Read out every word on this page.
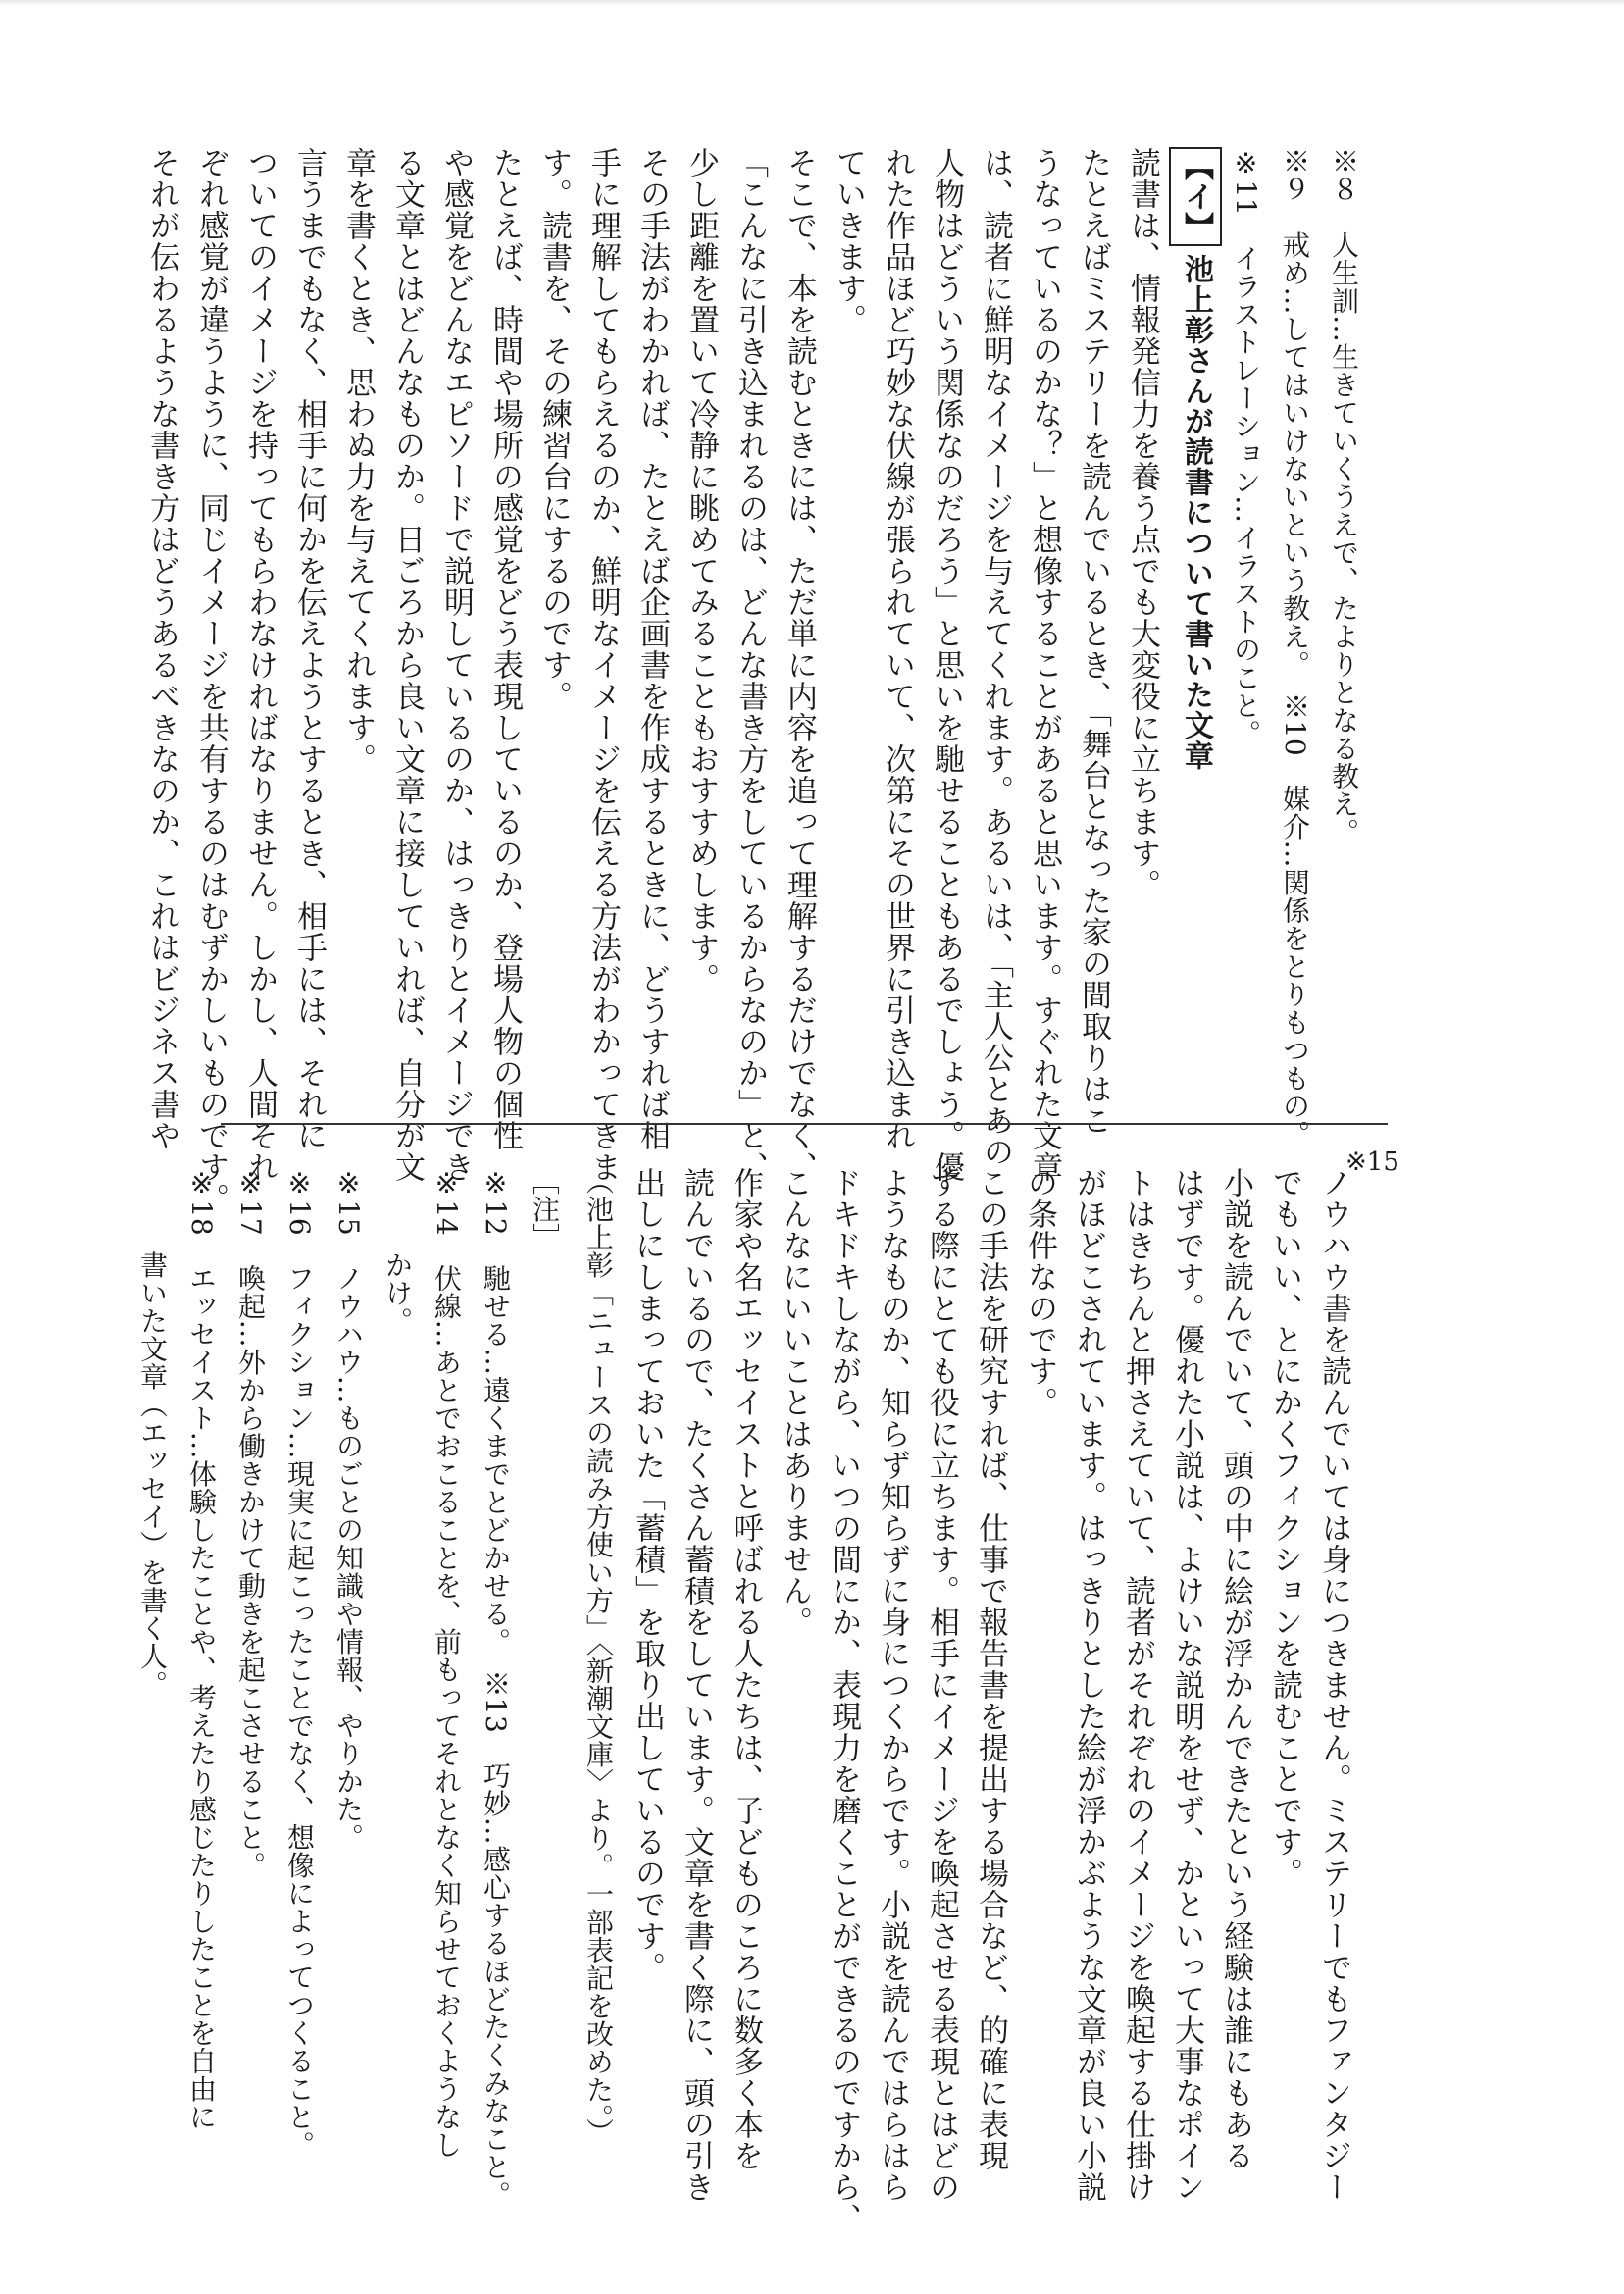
※８　人生訓…生きていくうえで、たよりとなる教え。
※９　戒め…してはいけないという教え。　※10　媒介…関係をとりもつもの。
※11　イラストレーション…イラストのこと。
【イ】池上彰さんが読書について書いた文章
読書は、情報発信力を養う点でも大変役に立ちます。
たとえばミステリーを読んでいるとき、「舞台となった家の間取りはこ
うなっているのかな？」と想像することがあると思います。すぐれた文章
は、読者に鮮明なイメージを与えてくれます。あるいは、「主人公とあの
人物はどういう関係なのだろう」と思いを馳せることもあるでしょう。優
れた作品ほど巧妙な伏線が張られていて、次第にその世界に引き込まれ
ていきます。
そこで、本を読むときには、ただ単に内容を追って理解するだけでなく、
「こんなに引き込まれるのは、どんな書き方をしているからなのか」と、
少し距離を置いて冷静に眺めてみることもおすすめします。
その手法がわかれば、たとえば企画書を作成するときに、どうすれば相
手に理解してもらえるのか、鮮明なイメージを伝える方法がわかってきま
す。読書を、その練習台にするのです。
たとえば、時間や場所の感覚をどう表現しているのか、登場人物の個性
や感覚をどんなエピソードで説明しているのか、はっきりとイメージでき
る文章とはどんなものか。日ごろから良い文章に接していれば、自分が文
章を書くとき、思わぬ力を与えてくれます。
言うまでもなく、相手に何かを伝えようとするとき、相手には、それに
ついてのイメージを持ってもらわなければなりません。しかし、人間それ
ぞれ感覚が違うように、同じイメージを共有するのはむずかしいものです。
それが伝わるような書き方はどうあるべきなのか、これはビジネス書や
※15
ノウハウ書を読んでいては身につきません。ミステリーでもファンタジー
でもいい、とにかくフィクションを読むことです。
小説を読んでいて、頭の中に絵が浮かんできたという経験は誰にもある
はずです。優れた小説は、よけいな説明をせず、かといって大事なポイン
トはきちんと押さえていて、読者がそれぞれのイメージを喚起する仕掛け
がほどこされています。はっきりとした絵が浮かぶような文章が良い小説
の条件なのです。
この手法を研究すれば、仕事で報告書を提出する場合など、的確に表現
する際にとても役に立ちます。相手にイメージを喚起させる表現とはどの
ようなものか、知らず知らずに身につくからです。小説を読んではらはら
ドキドキしながら、いつの間にか、表現力を磨くことができるのですから、
こんなにいいことはありません。
作家や名エッセイストと呼ばれる人たちは、子どものころに数多く本を
読んでいるので、たくさん蓄積をしています。文章を書く際に、頭の引き
出しにしまっておいた「蓄積」を取り出しているのです。
（池上彰「ニュースの読み方使い方」〈新潮文庫〉より。一部表記を改めた。）
［注］
※12　馳せる…遠くまでとどかせる。　※13　巧妙…感心するほどたくみなこと。
※14　伏線…あとでおこることを、前もってそれとなく知らせておくようなし
　　　かけ。
※15　ノウハウ…ものごとの知識や情報、やりかた。
※16　フィクション…現実に起こったことでなく、想像によってつくること。
※17　喚起…外から働きかけて動きを起こさせること。
※18　エッセイスト…体験したことや、考えたり感じたりしたことを自由に
　　　書いた文章（エッセイ）を書く人。
